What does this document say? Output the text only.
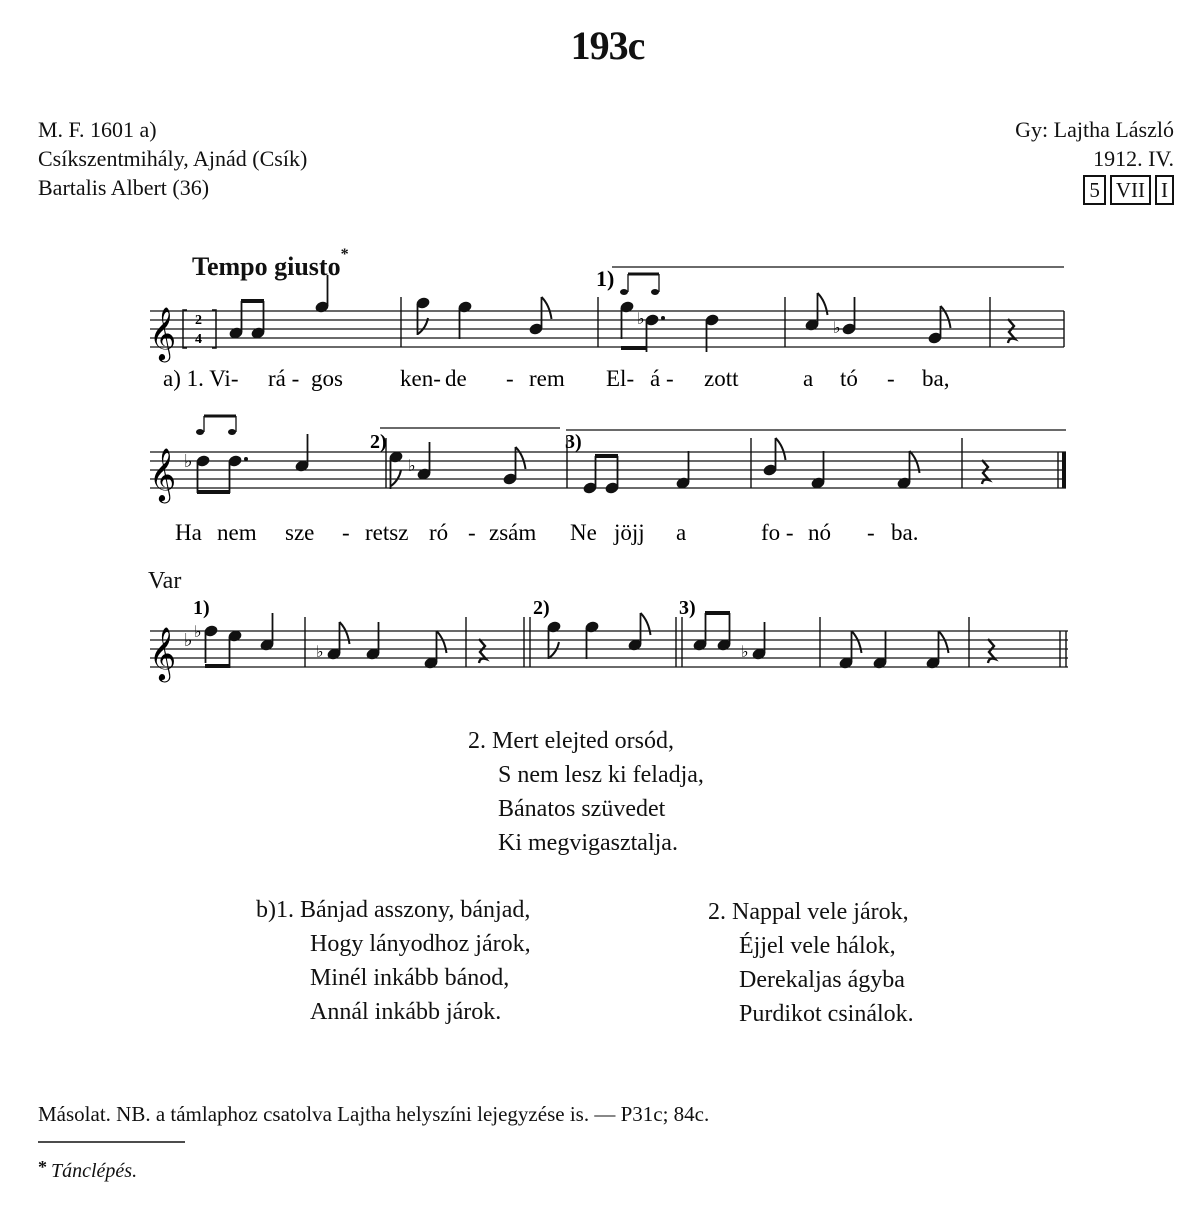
193c
M. F. 1601 a)
Csíkszentmihály, Ajnád (Csík)
Bartalis Albert (36)
Gy: Lajtha László
1912. IV.
5 VII I
Tempo giusto*
Var
𝄞 2
4
♭
♭
1)
a) 1. Vi- rá - gos ken- de - rem El- á - zott	a tó - ba,
𝄞 ♭	♭
2)	3)
Ha nem sze - retsz ró - zsám Ne jöjj a	fo - nó - ba.
𝄞 ♭ ♭
♭	♭
1)	2)	3)
2. Mert elejted orsód,
S nem lesz ki feladja,
Bánatos szüvedet
Ki megvigasztalja.
b)1. Bánjad asszony, bánjad,
Hogy lányodhoz járok,
Minél inkább bánod,
Annál inkább járok.
2. Nappal vele járok,
Éjjel vele hálok,
Derekaljas ágyba
Purdikot csinálok.
Másolat. NB. a támlaphoz csatolva Lajtha helyszíni lejegyzése is. — P31c; 84c.
* Tánclépés.
